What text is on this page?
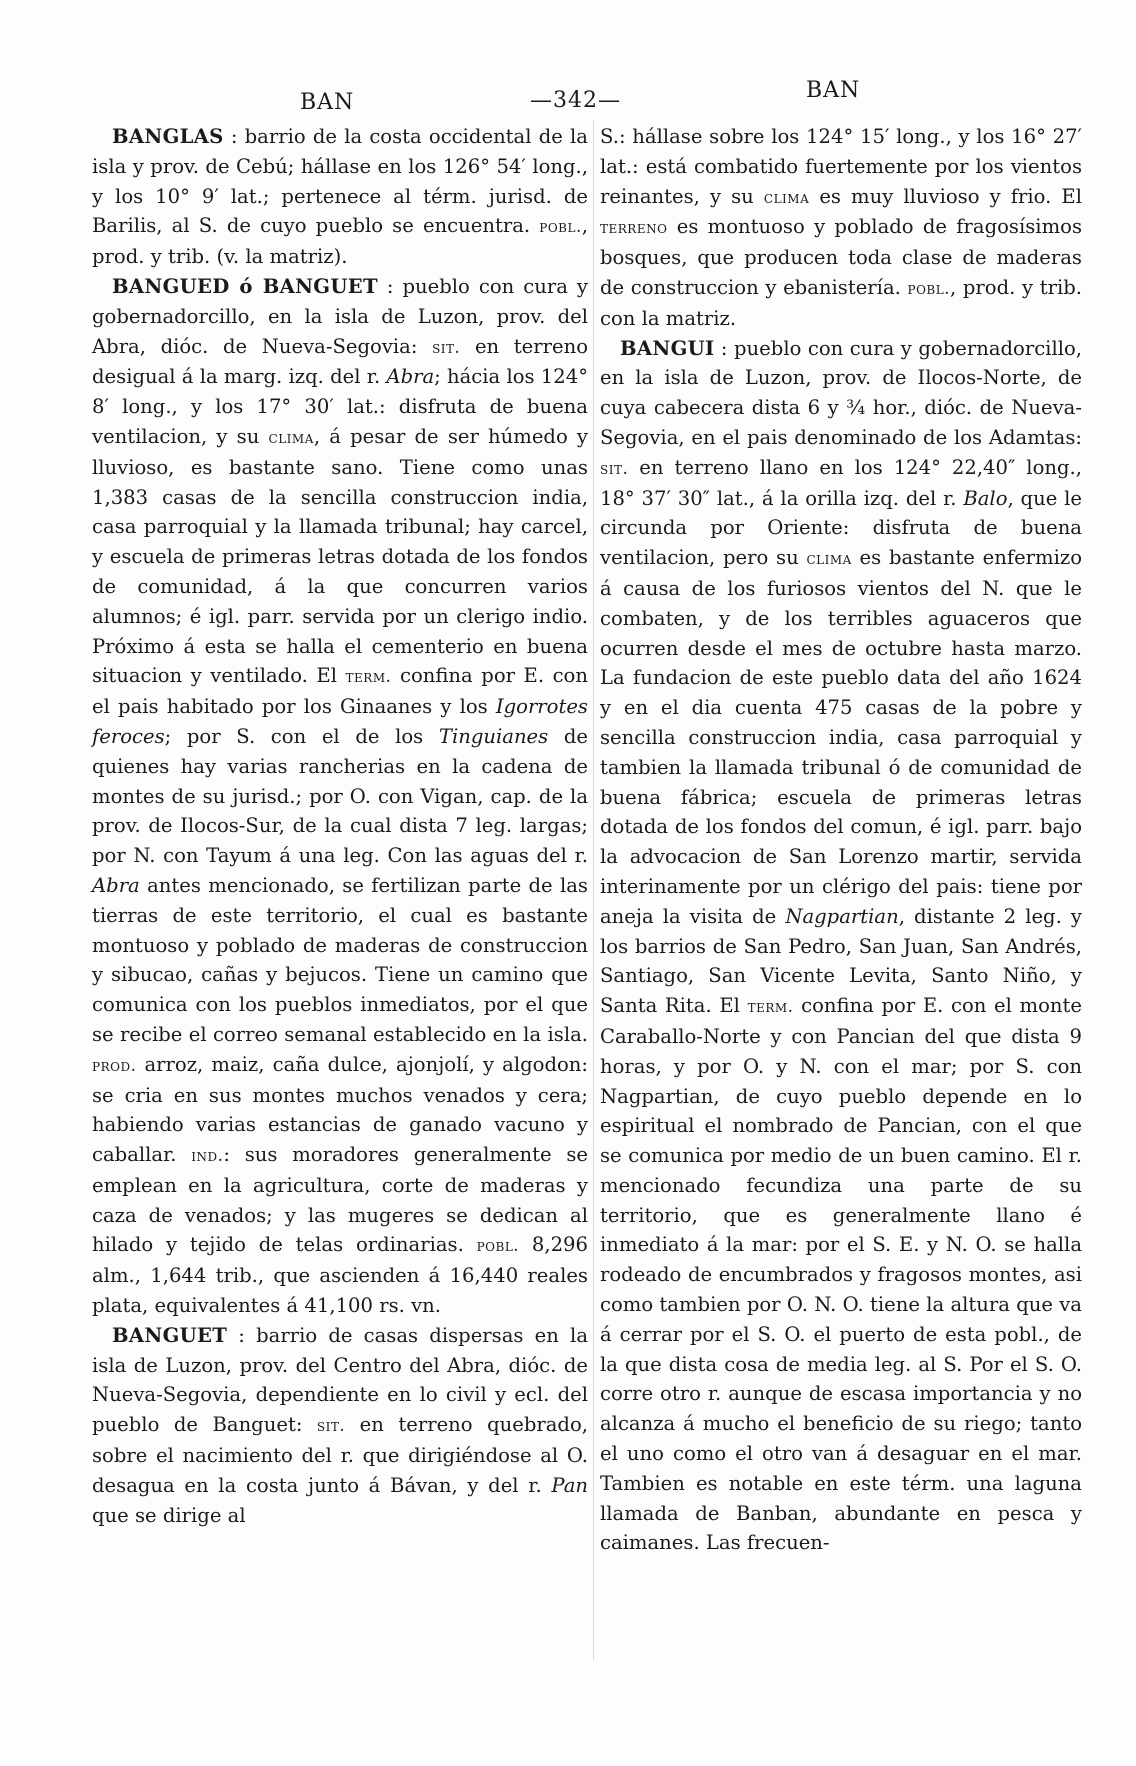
BAN	—342—	BAN

BANGLAS : barrio de la costa occidental de la isla y prov. de Cebú; hállase en los 126° 54′ long., y los 10° 9′ lat.; pertenece al térm. jurisd. de Barilis, al S. de cuyo pueblo se encuentra. pobl., prod. y trib. (v. la matriz).

BANGUED ó BANGUET : pueblo con cura y gobernadorcillo, en la isla de Luzon, prov. del Abra, dióc. de Nueva-Segovia: sit. en terreno desigual á la marg. izq. del r. Abra; hácia los 124° 8′ long., y los 17° 30′ lat.: disfruta de buena ventilacion, y su clima, á pesar de ser húmedo y lluvioso, es bastante sano. Tiene como unas 1,383 casas de la sencilla construccion india, casa parroquial y la llamada tribunal; hay carcel, y escuela de primeras letras dotada de los fondos de comunidad, á la que concurren varios alumnos; é igl. parr. servida por un clerigo indio. Próximo á esta se halla el cementerio en buena situacion y ventilado. El term. confina por E. con el pais habitado por los Ginaanes y los Igorrotes feroces; por S. con el de los Tinguianes de quienes hay varias rancherias en la cadena de montes de su jurisd.; por O. con Vigan, cap. de la prov. de Ilocos-Sur, de la cual dista 7 leg. largas; por N. con Tayum á una leg. Con las aguas del r. Abra antes mencionado, se fertilizan parte de las tierras de este territorio, el cual es bastante montuoso y poblado de maderas de construccion y sibucao, cañas y bejucos. Tiene un camino que comunica con los pueblos inmediatos, por el que se recibe el correo semanal establecido en la isla. prod. arroz, maiz, caña dulce, ajonjolí, y algodon: se cria en sus montes muchos venados y cera; habiendo varias estancias de ganado vacuno y caballar. ind.: sus moradores generalmente se emplean en la agricultura, corte de maderas y caza de venados; y las mugeres se dedican al hilado y tejido de telas ordinarias. pobl. 8,296 alm., 1,644 trib., que ascienden á 16,440 reales plata, equivalentes á 41,100 rs. vn.

BANGUET : barrio de casas dispersas en la isla de Luzon, prov. del Centro del Abra, dióc. de Nueva-Segovia, dependiente en lo civil y ecl. del pueblo de Banguet: sit. en terreno quebrado, sobre el nacimiento del r. que dirigiéndose al O. desagua en la costa junto á Bávan, y del r. Pan que se dirige al

S.: hállase sobre los 124° 15′ long., y los 16° 27′ lat.: está combatido fuertemente por los vientos reinantes, y su clima es muy lluvioso y frio. El terreno es montuoso y poblado de fragosísimos bosques, que producen toda clase de maderas de construccion y ebanistería. pobl., prod. y trib. con la matriz.

BANGUI : pueblo con cura y gobernadorcillo, en la isla de Luzon, prov. de Ilocos-Norte, de cuya cabecera dista 6 y ¾ hor., dióc. de Nueva-Segovia, en el pais denominado de los Adamtas: sit. en terreno llano en los 124° 22,40″ long., 18° 37′ 30″ lat., á la orilla izq. del r. Balo, que le circunda por Oriente: disfruta de buena ventilacion, pero su clima es bastante enfermizo á causa de los furiosos vientos del N. que le combaten, y de los terribles aguaceros que ocurren desde el mes de octubre hasta marzo. La fundacion de este pueblo data del año 1624 y en el dia cuenta 475 casas de la pobre y sencilla construccion india, casa parroquial y tambien la llamada tribunal ó de comunidad de buena fábrica; escuela de primeras letras dotada de los fondos del comun, é igl. parr. bajo la advocacion de San Lorenzo martir, servida interinamente por un clérigo del pais: tiene por aneja la visita de Nagpartian, distante 2 leg. y los barrios de San Pedro, San Juan, San Andrés, Santiago, San Vicente Levita, Santo Niño, y Santa Rita. El term. confina por E. con el monte Caraballo-Norte y con Pancian del que dista 9 horas, y por O. y N. con el mar; por S. con Nagpartian, de cuyo pueblo depende en lo espiritual el nombrado de Pancian, con el que se comunica por medio de un buen camino. El r. mencionado fecundiza una parte de su territorio, que es generalmente llano é inmediato á la mar: por el S. E. y N. O. se halla rodeado de encumbrados y fragosos montes, asi como tambien por O. N. O. tiene la altura que va á cerrar por el S. O. el puerto de esta pobl., de la que dista cosa de media leg. al S. Por el S. O. corre otro r. aunque de escasa importancia y no alcanza á mucho el beneficio de su riego; tanto el uno como el otro van á desaguar en el mar. Tambien es notable en este térm. una laguna llamada de Banban, abundante en pesca y caimanes. Las frecuen-
